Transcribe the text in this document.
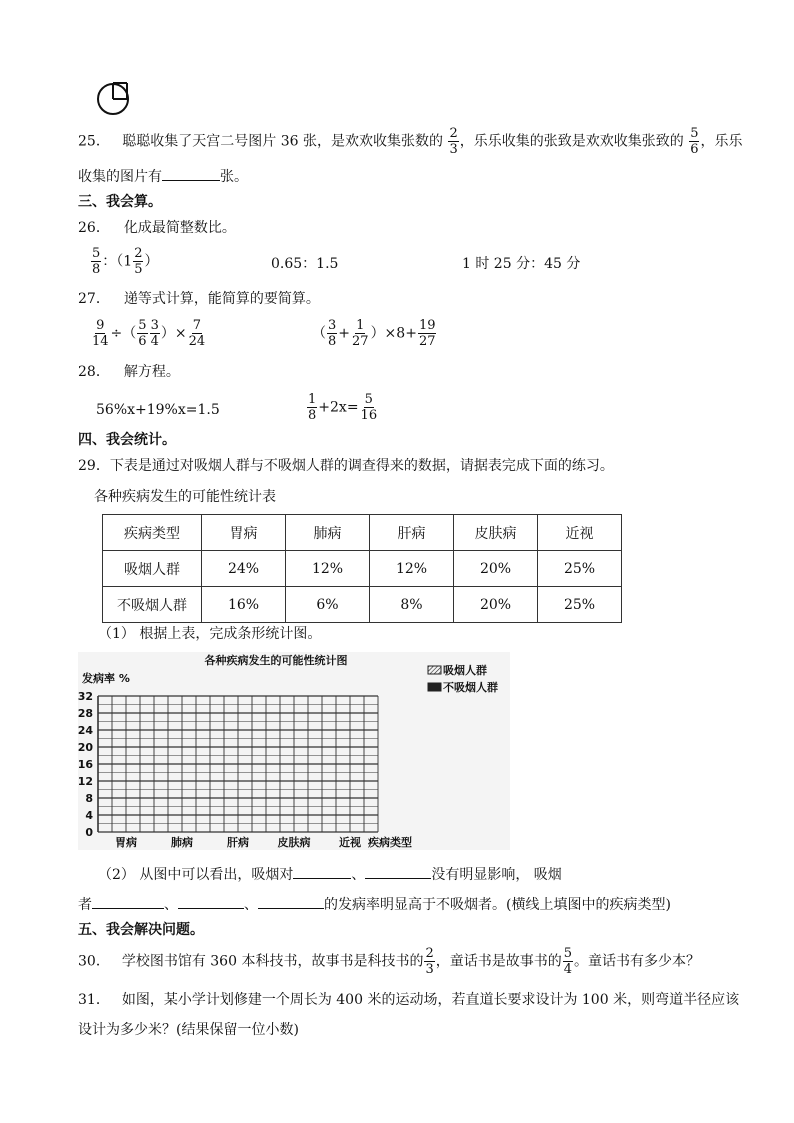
25． 聪聪收集了天宫二号图片 36 张，是欢欢收集张数的 $\frac{2}{3}$ ，乐乐收集的张致是欢欢收集张致的 $\frac{5}{6}$ ，乐乐
收集的图片有	张。
三、我会算。
26． 化成最简整数比。
$\frac{5}{8}$ ：（$1 \frac{2}{5}$ ）	0.65：1.5	1 时 25 分：45 分
27． 递等式计算，能简算的要简算。
$\frac{9}{14}$ ÷（ $\frac{5}{6} \frac{3}{4}$ ）× $\frac{7}{24}$	（ $\frac{3}{8} + \frac{1}{27} )\times 8+ \frac{19}{27}$
28． 解方程。
56%x+19%x=1.5	$\frac{1}{8} +2x= \frac{5}{16}$
四、我会统计。
29．下表是通过对吸烟人群与不吸烟人群的调查得来的数据，请据表完成下面的练习。
各种疾病发生的可能性统计表
疾病类型	胃病	肺病	肝病	皮肤病	近视
吸烟人群	24%	12%	12%	20%	25%
不吸烟人群	16%	6%	8%	20%	25%
（1） 根据上表，完成条形统计图。
各种疾病发生的可能性统计图
发病率 %
疾病类型
0
4
8
12
16
20
24
28
32
胃病	肺病	肝病	皮肤病	近视
吸烟人群
不吸烟人群
（2） 从图中可以看出，吸烟对	、	没有明显影响， 吸烟
者	、	、	的发病率明显高于不吸烟者。(横线上填图中的疾病类型)
五、我会解决问题。
30． 学校图书馆有 360 本科技书，故事书是科技书的 $\frac{2}{3}$ ，童话书是故事书的 $\frac{5}{4}$ 。童话书有多少本？
31． 如图，某小学计划修建一个周长为 400 米的运动场，若直道长要求设计为 100 米，则弯道半径应该
设计为多少米？(结果保留一位小数)
